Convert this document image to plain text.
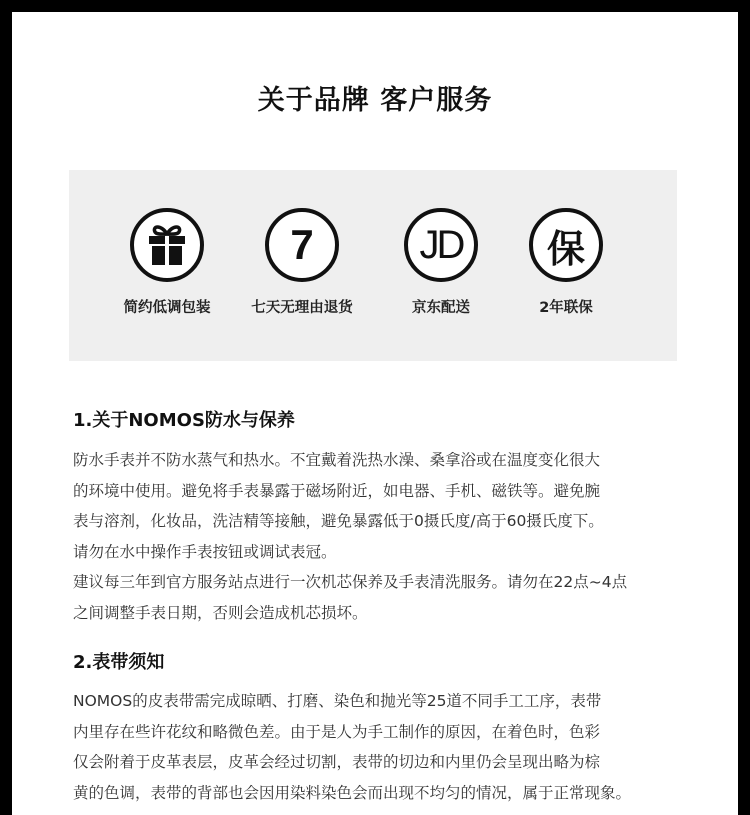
关于品牌 客户服务
简约低调包装
7
七天无理由退货
JD
京东配送
保
2年联保
1.关于NOMOS防水与保养

防水手表并不防水蒸气和热水。不宜戴着洗热水澡、桑拿浴或在温度变化很大

的环境中使用。避免将手表暴露于磁场附近，如电器、手机、磁铁等。避免腕

表与溶剂，化妆品，洗洁精等接触，避免暴露低于0摄氏度/高于60摄氏度下。

请勿在水中操作手表按钮或调试表冠。

建议每三年到官方服务站点进行一次机芯保养及手表清洗服务。请勿在22点~4点

之间调整手表日期，否则会造成机芯损坏。

2.表带须知

NOMOS的皮表带需完成晾晒、打磨、染色和抛光等25道不同手工工序，表带

内里存在些许花纹和略微色差。由于是人为手工制作的原因，在着色时，色彩

仅会附着于皮革表层，皮革会经过切割，表带的切边和内里仍会呈现出略为棕

黄的色调，表带的背部也会因用染料染色会而出现不均匀的情况，属于正常现象。
